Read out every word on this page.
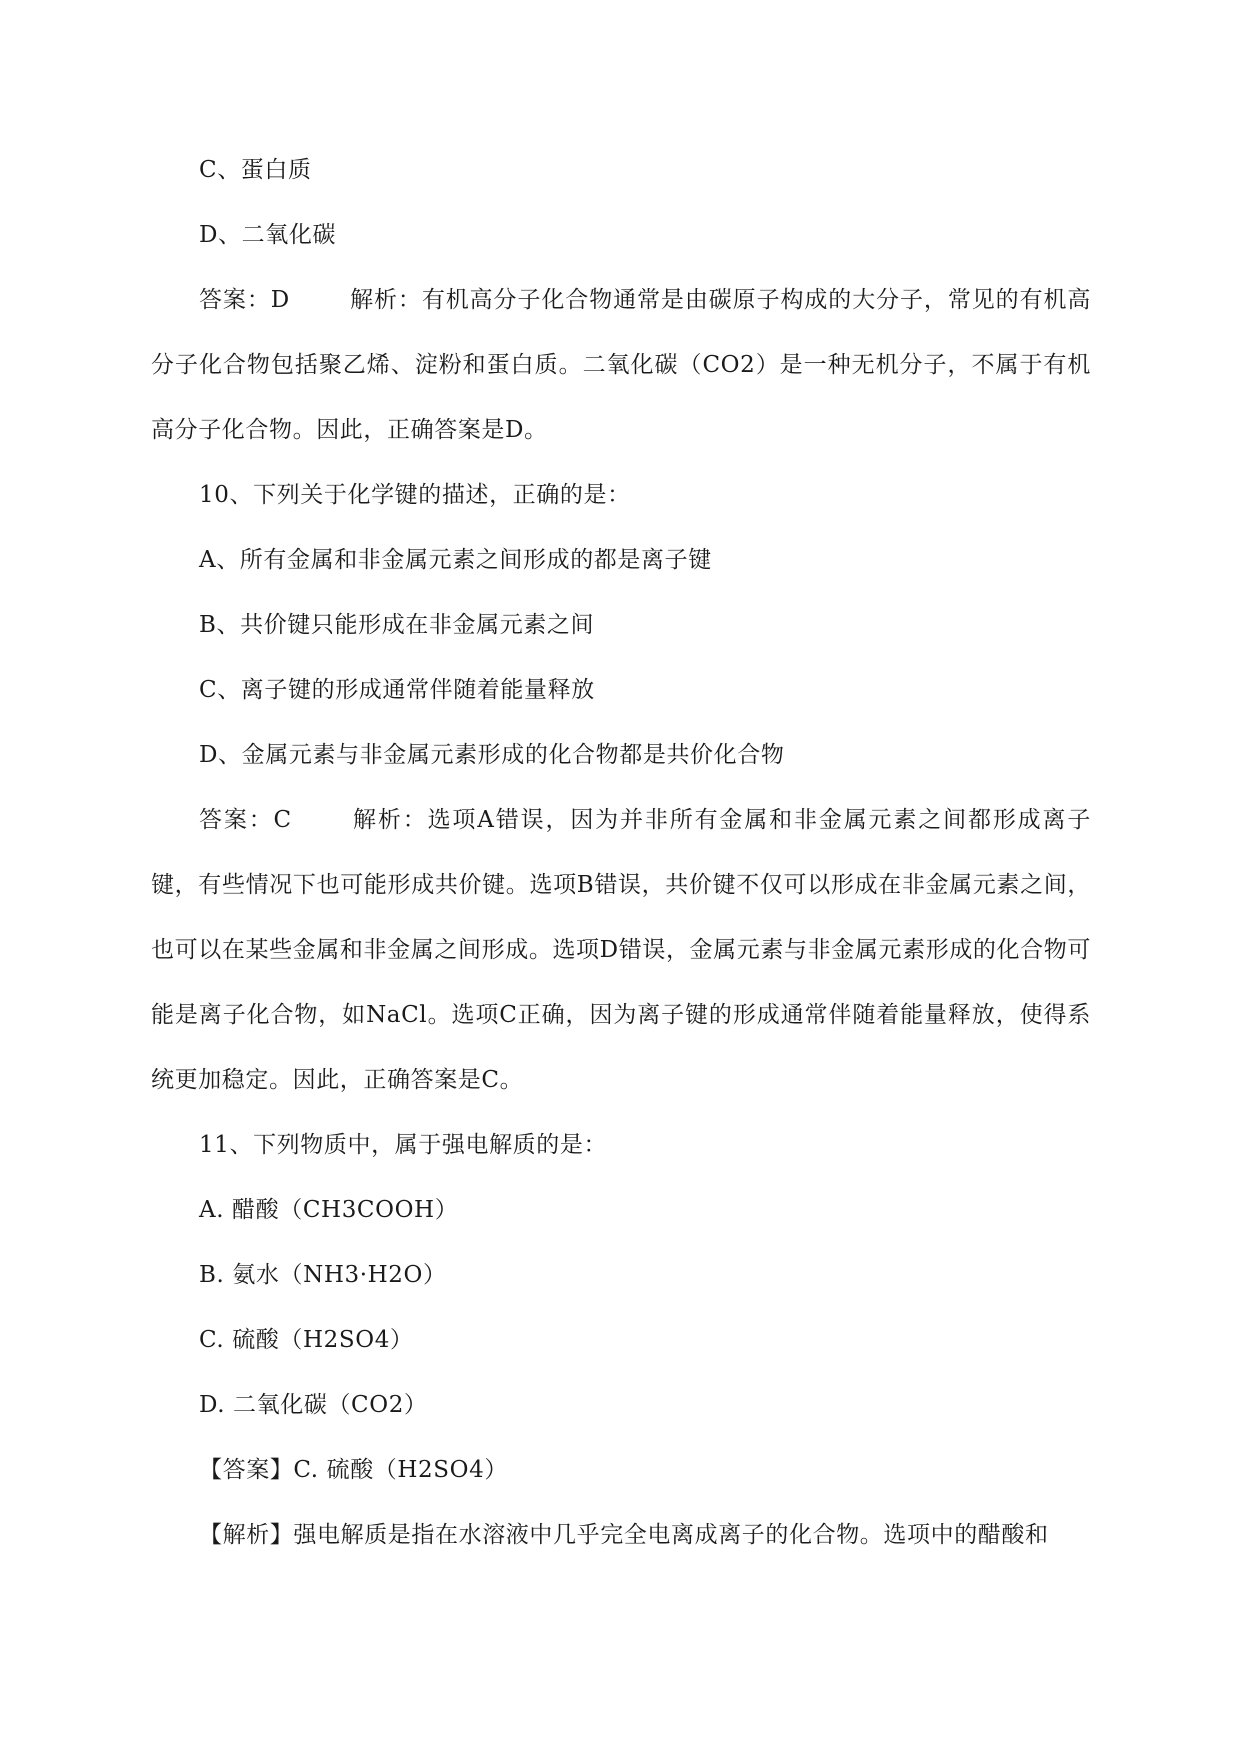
C、蛋白质

D、二氧化碳

答案：D	解析：有机高分子化合物通常是由碳原子构成的大分子，常见的有机高分子化合物包括聚乙烯、淀粉和蛋白质。二氧化碳（CO2）是一种无机分子，不属于有机高分子化合物。因此，正确答案是D。

10、下列关于化学键的描述，正确的是：

A、所有金属和非金属元素之间形成的都是离子键

B、共价键只能形成在非金属元素之间

C、离子键的形成通常伴随着能量释放

D、金属元素与非金属元素形成的化合物都是共价化合物

答案：C	解析：选项A错误，因为并非所有金属和非金属元素之间都形成离子键，有些情况下也可能形成共价键。选项B错误，共价键不仅可以形成在非金属元素之间，也可以在某些金属和非金属之间形成。选项D错误，金属元素与非金属元素形成的化合物可能是离子化合物，如NaCl。选项C正确，因为离子键的形成通常伴随着能量释放，使得系统更加稳定。因此，正确答案是C。

11、下列物质中，属于强电解质的是：

A. 醋酸（CH3COOH）

B. 氨水（NH3·H2O）

C. 硫酸（H2SO4）

D. 二氧化碳（CO2）

【答案】C. 硫酸（H2SO4）

【解析】强电解质是指在水溶液中几乎完全电离成离子的化合物。选项中的醋酸和
